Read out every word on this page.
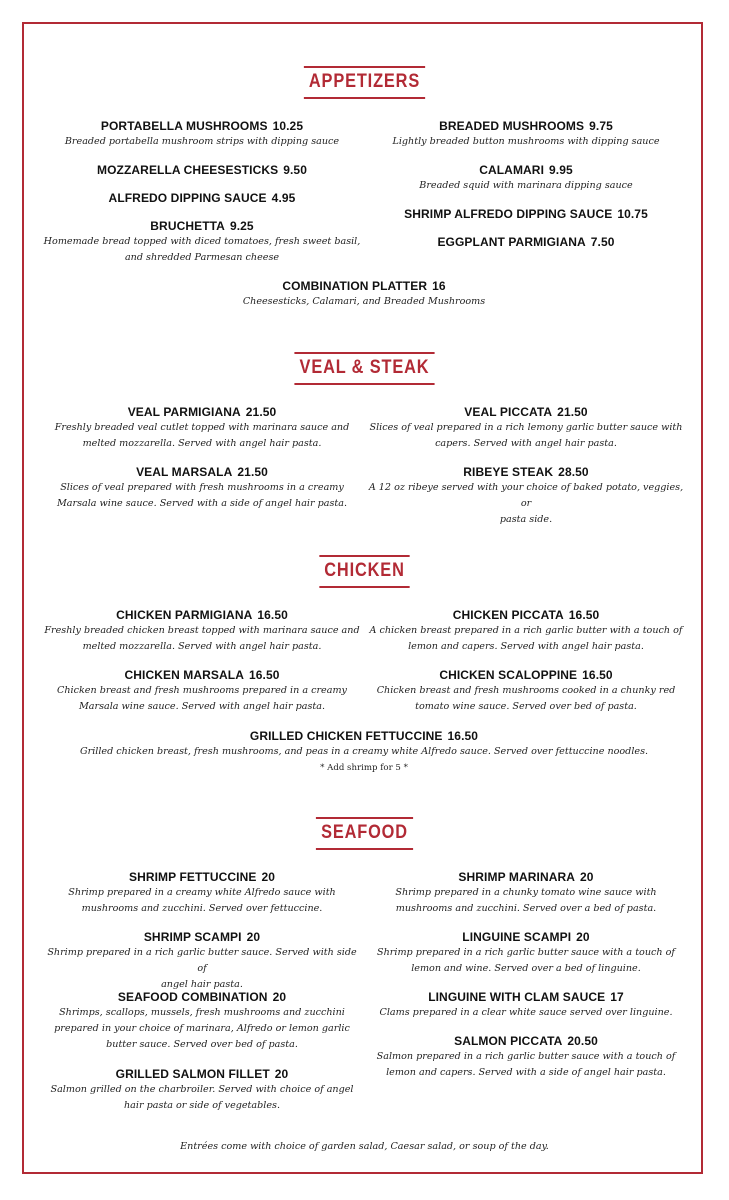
APPETIZERS
PORTABELLA MUSHROOMS 10.25
Breaded portabella mushroom strips with dipping sauce
BREADED MUSHROOMS 9.75
Lightly breaded button mushrooms with dipping sauce
MOZZARELLA CHEESESTICKS 9.50	CALAMARI 9.95
Breaded squid with marinara dipping sauce
ALFREDO DIPPING SAUCE 4.95
SHRIMP ALFREDO DIPPING SAUCE 10.75
BRUCHETTA 9.25
Homemade bread topped with diced tomatoes, fresh sweet basil,
and shredded Parmesan cheese
EGGPLANT PARMIGIANA 7.50
COMBINATION PLATTER 16
Cheesesticks, Calamari, and Breaded Mushrooms
VEAL & STEAK
VEAL PARMIGIANA 21.50
Freshly breaded veal cutlet topped with marinara sauce and
melted mozzarella. Served with angel hair pasta.
VEAL PICCATA 21.50
Slices of veal prepared in a rich lemony garlic butter sauce with
capers. Served with angel hair pasta.
VEAL MARSALA 21.50
Slices of veal prepared with fresh mushrooms in a creamy
Marsala wine sauce. Served with a side of angel hair pasta.
RIBEYE STEAK 28.50
A 12 oz ribeye served with your choice of baked potato, veggies, or
pasta side.
CHICKEN
CHICKEN PARMIGIANA 16.50
Freshly breaded chicken breast topped with marinara sauce and
melted mozzarella. Served with angel hair pasta.
CHICKEN PICCATA 16.50
A chicken breast prepared in a rich garlic butter with a touch of
lemon and capers. Served with angel hair pasta.
CHICKEN MARSALA 16.50
Chicken breast and fresh mushrooms prepared in a creamy
Marsala wine sauce. Served with angel hair pasta.
CHICKEN SCALOPPINE 16.50
Chicken breast and fresh mushrooms cooked in a chunky red
tomato wine sauce. Served over bed of pasta.
GRILLED CHICKEN FETTUCCINE 16.50
Grilled chicken breast, fresh mushrooms, and peas in a creamy white Alfredo sauce. Served over fettuccine noodles.
* Add shrimp for 5 *
SEAFOOD
SHRIMP FETTUCCINE 20
Shrimp prepared in a creamy white Alfredo sauce with
mushrooms and zucchini. Served over fettuccine.
SHRIMP MARINARA 20
Shrimp prepared in a chunky tomato wine sauce with
mushrooms and zucchini. Served over a bed of pasta.
SHRIMP SCAMPI 20
Shrimp prepared in a rich garlic butter sauce. Served with side of
angel hair pasta.
LINGUINE SCAMPI 20
Shrimp prepared in a rich garlic butter sauce with a touch of
lemon and wine. Served over a bed of linguine.
SEAFOOD COMBINATION 20
Shrimps, scallops, mussels, fresh mushrooms and zucchini
prepared in your choice of marinara, Alfredo or lemon garlic
butter sauce. Served over bed of pasta.
LINGUINE WITH CLAM SAUCE 17
Clams prepared in a clear white sauce served over linguine.
SALMON PICCATA 20.50
Salmon prepared in a rich garlic butter sauce with a touch of
lemon and capers. Served with a side of angel hair pasta.
GRILLED SALMON FILLET 20
Salmon grilled on the charbroiler. Served with choice of angel
hair pasta or side of vegetables.
Entrées come with choice of garden salad, Caesar salad, or soup of the day.
